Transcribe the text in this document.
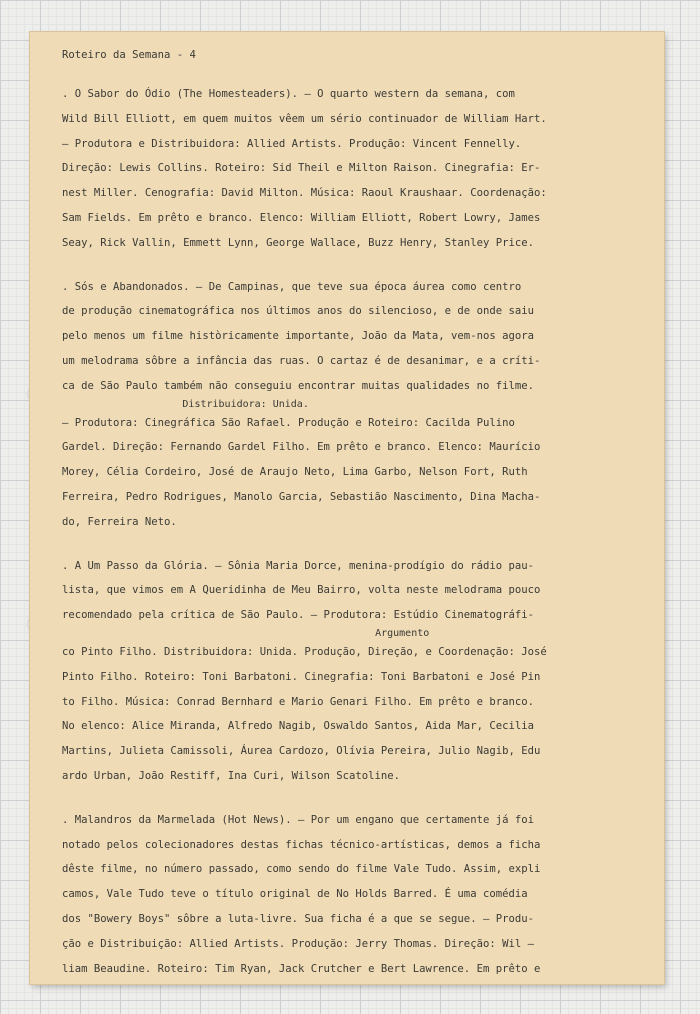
Roteiro da Semana - 4
. O Sabor do Ódio (The Homesteaders). — O quarto western da semana, com
Wild Bill Elliott, em quem muitos vêem um sério continuador de William Hart.
— Produtora e Distribuidora: Allied Artists. Produção: Vincent Fennelly.
Direção: Lewis Collins. Roteiro: Sid Theil e Milton Raison. Cinegrafia: Er-
nest Miller. Cenografia: David Milton. Música: Raoul Kraushaar. Coordenação:
Sam Fields. Em prêto e branco. Elenco: William Elliott, Robert Lowry, James
Seay, Rick Vallin, Emmett Lynn, George Wallace, Buzz Henry, Stanley Price.
. Sós e Abandonados. — De Campinas, que teve sua época áurea como centro
de produção cinematográfica nos últimos anos do silencioso, e de onde saiu
pelo menos um filme històricamente importante, João da Mata, vem-nos agora
um melodrama sôbre a infância das ruas. O cartaz é de desanimar, e a críti-
ca de São Paulo também não conseguiu encontrar muitas qualidades no filme.
Distribuidora: Unida.
— Produtora: Cinegráfica São Rafael. Produção e Roteiro: Cacilda Pulino
Gardel. Direção: Fernando Gardel Filho. Em prêto e branco. Elenco: Maurício
Morey, Célia Cordeiro, José de Araujo Neto, Lima Garbo, Nelson Fort, Ruth
Ferreira, Pedro Rodrigues, Manolo Garcia, Sebastião Nascimento, Dina Macha-
do, Ferreira Neto.
. A Um Passo da Glória. — Sônia Maria Dorce, menina-prodígio do rádio pau-
lista, que vimos em A Queridinha de Meu Bairro, volta neste melodrama pouco
recomendado pela crítica de São Paulo. — Produtora: Estúdio Cinematográfi-
Argumento
co Pinto Filho. Distribuidora: Unida. Produção, Direção, e Coordenação: José
Pinto Filho. Roteiro: Toni Barbatoni. Cinegrafia: Toni Barbatoni e José Pin
to Filho. Música: Conrad Bernhard e Mario Genari Filho. Em prêto e branco.
No elenco: Alice Miranda, Alfredo Nagib, Oswaldo Santos, Aida Mar, Cecilia
Martins, Julieta Camissoli, Áurea Cardozo, Olívia Pereira, Julio Nagib, Edu
ardo Urban, João Restiff, Ina Curi, Wilson Scatoline.
. Malandros da Marmelada (Hot News). — Por um engano que certamente já foi
notado pelos colecionadores destas fichas técnico-artísticas, demos a ficha
dêste filme, no número passado, como sendo do filme Vale Tudo. Assim, expli
camos, Vale Tudo teve o título original de No Holds Barred. É uma comédia
dos "Bowery Boys" sôbre a luta-livre. Sua ficha é a que se segue. — Produ-
ção e Distribuição: Allied Artists. Produção: Jerry Thomas. Direção: Wil —
liam Beaudine. Roteiro: Tim Ryan, Jack Crutcher e Bert Lawrence. Em prêto e
